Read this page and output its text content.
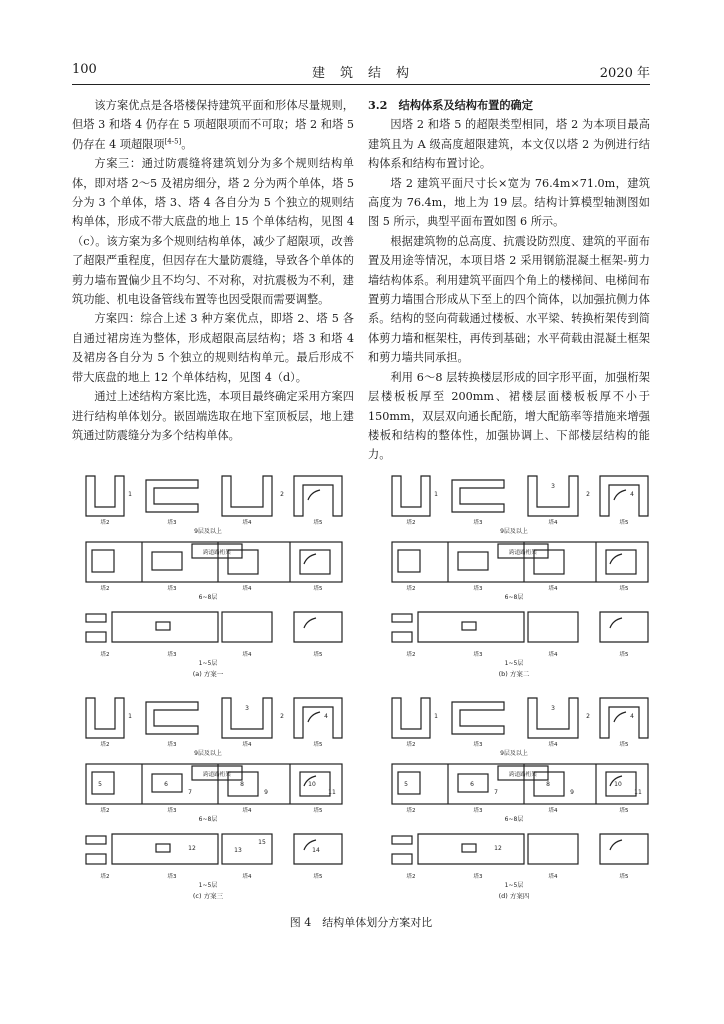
100	建　筑　结　构	2020 年

该方案优点是各塔楼保持建筑平面和形体尽量规则，但塔 3 和塔 4 仍存在 5 项超限项而不可取；塔 2 和塔 5 仍存在 4 项超限项[4-5]。

方案三：通过防震缝将建筑划分为多个规则结构单体，即对塔 2～5 及裙房细分，塔 2 分为两个单体，塔 5 分为 3 个单体，塔 3、塔 4 各自分为 5 个独立的规则结构单体，形成不带大底盘的地上 15 个单体结构，见图 4（c）。该方案为多个规则结构单体，减少了超限项，改善了超限严重程度，但因存在大量防震缝，导致各个单体的剪力墙布置偏少且不均匀、不对称，对抗震极为不利，建筑功能、机电设备管线布置等也因受限而需要调整。

方案四：综合上述 3 种方案优点，即塔 2、塔 5 各自通过裙房连为整体，形成超限高层结构；塔 3 和塔 4 及裙房各自分为 5 个独立的规则结构单元。最后形成不带大底盘的地上 12 个单体结构，见图 4（d）。

通过上述结构方案比选，本项目最终确定采用方案四进行结构单体划分。嵌固端选取在地下室顶板层，地上建筑通过防震缝分为多个结构单体。

3.2　结构体系及结构布置的确定

因塔 2 和塔 5 的超限类型相同，塔 2 为本项目最高建筑且为 A 级高度超限建筑，本文仅以塔 2 为例进行结构体系和结构布置讨论。

塔 2 建筑平面尺寸长×宽为 76.4m×71.0m，建筑高度为 76.4m，地上为 19 层。结构计算模型轴测图如图 5 所示，典型平面布置如图 6 所示。

根据建筑物的总高度、抗震设防烈度、建筑的平面布置及用途等情况，本项目塔 2 采用钢筋混凝土框架-剪力墙结构体系。利用建筑平面四个角上的楼梯间、电梯间布置剪力墙围合形成从下至上的四个筒体，以加强抗侧力体系。结构的竖向荷载通过楼板、水平梁、转换桁架传到简体剪力墙和框架柱，再传到基础；水平荷载由混凝土框架和剪力墙共同承担。

利用 6～8 层转换楼层形成的回字形平面，加强桁架层楼板板厚至 200mm、裙楼层面楼板板厚不小于 150mm，双层双向通长配筋，增大配筋率等措施来增强楼板和结构的整体性，加强协调上、下部楼层结构的能力。

跨道路桁架
塔2	塔3	塔4	塔5
9层及以上
塔2	塔3	塔4	塔5
6~8层
塔2	塔3	塔4	塔5
1~5层
1	2
(a) 方案一
跨道路桁架
塔2	塔3	塔4	塔5
9层及以上
塔2	塔3	塔4	塔5
6~8层
塔2	塔3	塔4	塔5
1~5层
1	2
3
4
(b) 方案二
跨道路桁架
塔2	塔3	塔4	塔5
9层及以上
塔2	塔3	塔4	塔5
6~8层
塔2	塔3	塔4	塔5
1~5层
1	2
3
4
5	6
7
8
9
10
11
12	13	14
15
(c) 方案三
跨道路桁架
塔2	塔3	塔4	塔5
9层及以上
塔2	塔3	塔4	塔5
6~8层
塔2	塔3	塔4	塔5
1~5层
1	2
3
4
5	6
7
8
9
10
11
12
(d) 方案四
图 4　结构单体划分方案对比
